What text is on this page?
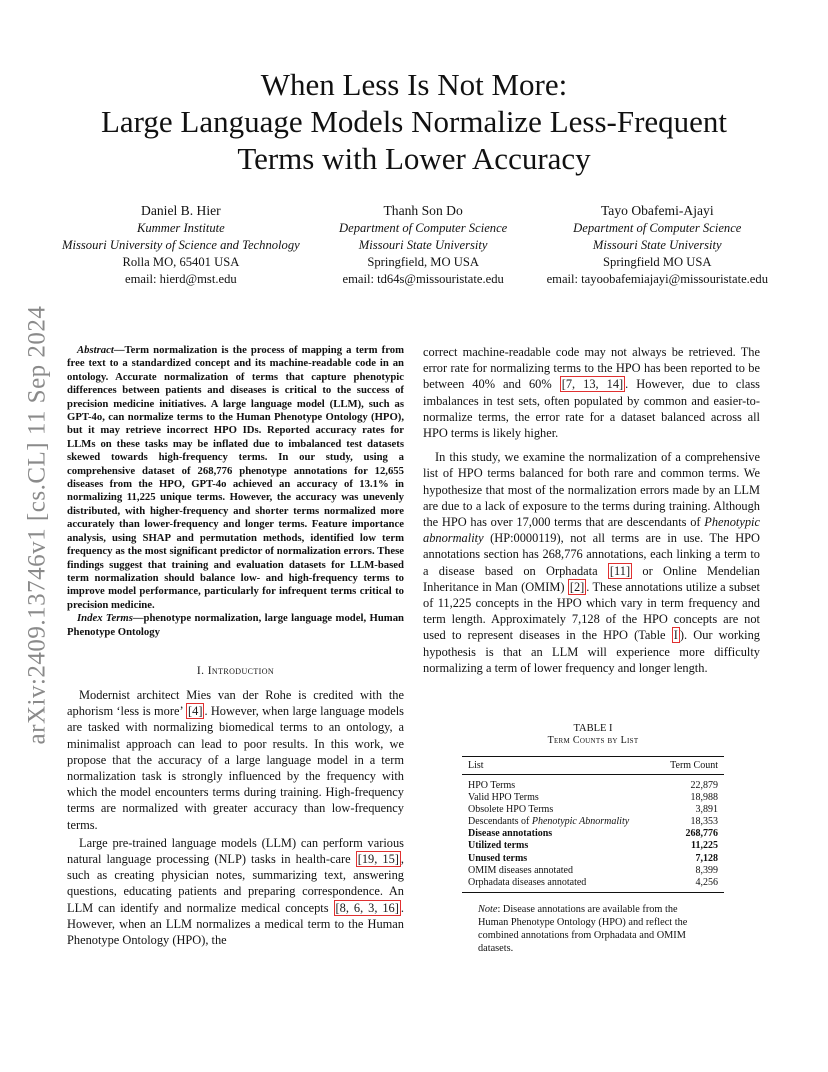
arXiv:2409.13746v1 [cs.CL] 11 Sep 2024
When Less Is Not More:
Large Language Models Normalize Less-Frequent
Terms with Lower Accuracy
Daniel B. Hier
Kummer Institute
Missouri University of Science and Technology
Rolla MO, 65401 USA
email: hierd@mst.edu
Thanh Son Do
Department of Computer Science
Missouri State University
Springfield, MO USA
email: td64s@missouristate.edu
Tayo Obafemi-Ajayi
Department of Computer Science
Missouri State University
Springfield MO USA
email: tayoobafemiajayi@missouristate.edu

Abstract—Term normalization is the process of mapping a term from free text to a standardized concept and its machine-readable code in an ontology. Accurate normalization of terms that capture phenotypic differences between patients and diseases is critical to the success of precision medicine initiatives. A large language model (LLM), such as GPT-4o, can normalize terms to the Human Phenotype Ontology (HPO), but it may retrieve incorrect HPO IDs. Reported accuracy rates for LLMs on these tasks may be inflated due to imbalanced test datasets skewed towards high-frequency terms. In our study, using a comprehensive dataset of 268,776 phenotype annotations for 12,655 diseases from the HPO, GPT-4o achieved an accuracy of 13.1% in normalizing 11,225 unique terms. However, the accuracy was unevenly distributed, with higher-frequency and shorter terms normalized more accurately than lower-frequency and longer terms. Feature importance analysis, using SHAP and permutation methods, identified low term frequency as the most significant predictor of normalization errors. These findings suggest that training and evaluation datasets for LLM-based term normalization should balance low- and high-frequency terms to improve model performance, particularly for infrequent terms critical to precision medicine.

Index Terms—phenotype normalization, large language model, Human Phenotype Ontology

I. Introduction

Modernist architect Mies van der Rohe is credited with the aphorism ‘less is more’ [4] . However, when large language models are tasked with normalizing biomedical terms to an ontology, a minimalist approach can lead to poor results. In this work, we propose that the accuracy of a large language model in a term normalization task is strongly influenced by the frequency with which the model encounters terms during training. High-frequency terms are normalized with greater accuracy than low-frequency terms.

Large pre-trained language models (LLM) can perform various natural language processing (NLP) tasks in health-care [19, 15] , such as creating physician notes, summarizing text, answering questions, educating patients and preparing correspondence. An LLM can identify and normalize medical concepts [8, 6, 3, 16] . However, when an LLM normalizes a medical term to the Human Phenotype Ontology (HPO), the

correct machine-readable code may not always be retrieved. The error rate for normalizing terms to the HPO has been reported to be between 40% and 60% [7, 13, 14] . However, due to class imbalances in test sets, often populated by common and easier-to-normalize terms, the error rate for a dataset balanced across all HPO terms is likely higher.

In this study, we examine the normalization of a comprehensive list of HPO terms balanced for both rare and common terms. We hypothesize that most of the normalization errors made by an LLM are due to a lack of exposure to the terms during training. Although the HPO has over 17,000 terms that are descendants of Phenotypic abnormality (HP:0000119), not all terms are in use. The HPO annotations section has 268,776 annotations, each linking a term to a disease based on Orphadata [11] or Online Mendelian Inheritance in Man (OMIM) [2] . These annotations utilize a subset of 11,225 concepts in the HPO which vary in term frequency and term length. Approximately 7,128 of the HPO concepts are not used to represent diseases in the HPO (Table I ). Our working hypothesis is that an LLM will experience more difficulty normalizing a term of lower frequency and longer length.

TABLE I
Term Counts by List
List	Term Count
HPO Terms	22,879
Valid HPO Terms	18,988
Obsolete HPO Terms	3,891
Descendants of Phenotypic Abnormality	18,353
Disease annotations	268,776
Utilized terms	11,225
Unused terms	7,128
OMIM diseases annotated	8,399
Orphadata diseases annotated	4,256
Note: Disease annotations are available from the Human Phenotype Ontology (HPO) and reflect the combined annotations from Orphadata and OMIM datasets.
